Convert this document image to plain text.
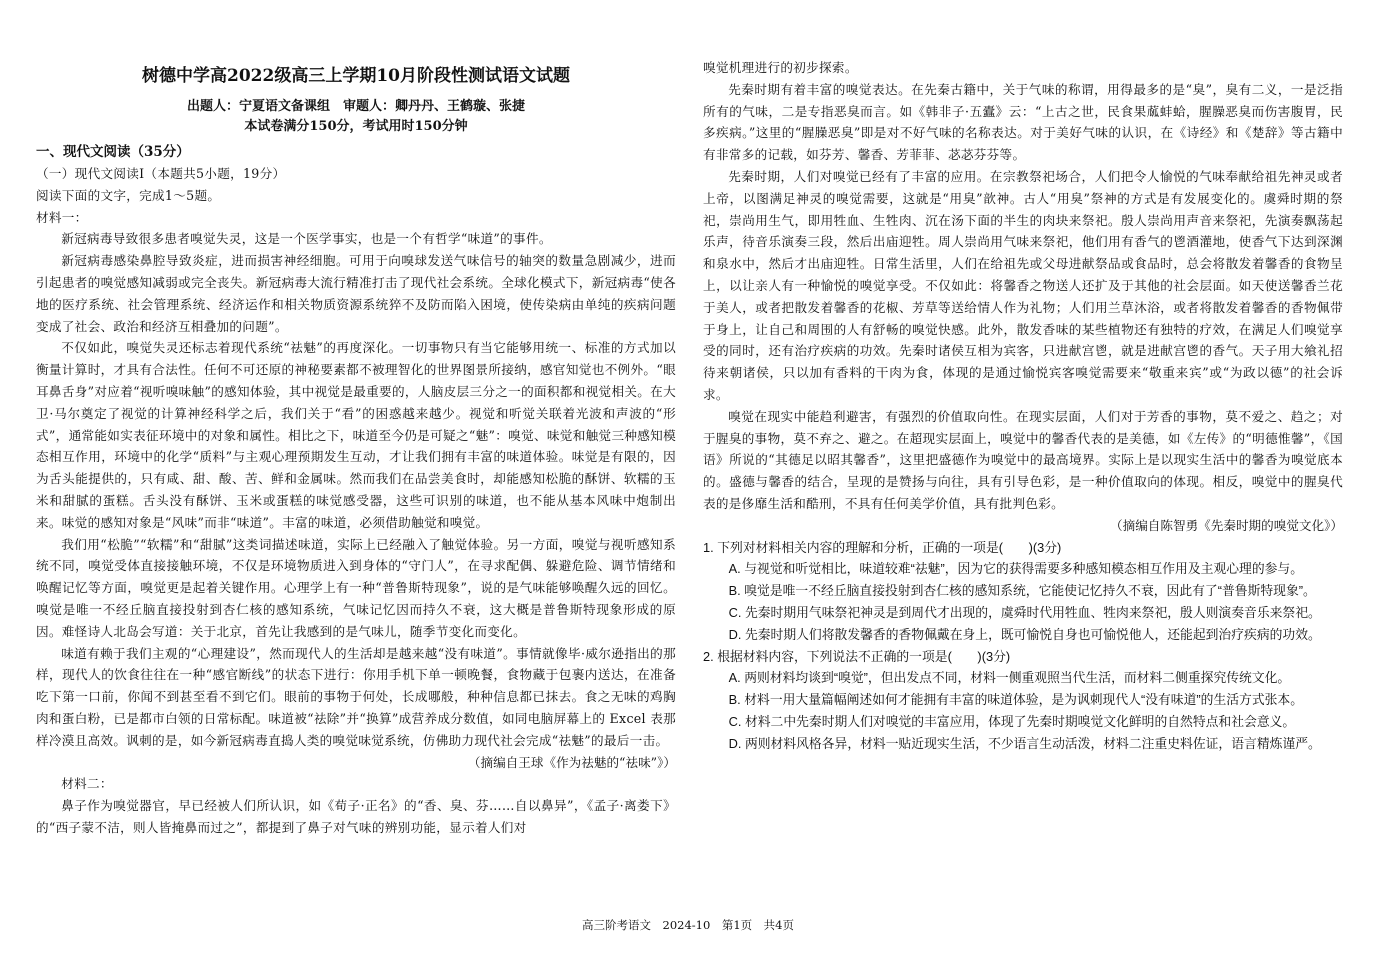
树德中学高2022级高三上学期10月阶段性测试语文试题
出题人：宁夏语文备课组　审题人：卿丹丹、王鹤璇、张捷
本试卷满分150分，考试用时150分钟
一、现代文阅读（35分）

（一）现代文阅读Ⅰ（本题共5小题，19分）

阅读下面的文字，完成1～5题。

材料一：

新冠病毒导致很多患者嗅觉失灵，这是一个医学事实，也是一个有哲学“味道”的事件。

新冠病毒感染鼻腔导致炎症，进而损害神经细胞。可用于向嗅球发送气味信号的轴突的数量急剧减少，进而引起患者的嗅觉感知减弱或完全丧失。新冠病毒大流行精准打击了现代社会系统。全球化模式下，新冠病毒“使各地的医疗系统、社会管理系统、经济运作和相关物质资源系统猝不及防而陷入困境，使传染病由单纯的疾病问题变成了社会、政治和经济互相叠加的问题”。

不仅如此，嗅觉失灵还标志着现代系统“祛魅”的再度深化。一切事物只有当它能够用统一、标准的方式加以衡量计算时，才具有合法性。任何不可还原的神秘要素都不被理智化的世界图景所接纳，感官知觉也不例外。“眼耳鼻舌身”对应着“视听嗅味触”的感知体验，其中视觉是最重要的，人脑皮层三分之一的面积都和视觉相关。在大卫·马尔奠定了视觉的计算神经科学之后，我们关于“看”的困惑越来越少。视觉和听觉关联着光波和声波的“形式”，通常能如实表征环境中的对象和属性。相比之下，味道至今仍是可疑之“魅”：嗅觉、味觉和触觉三种感知模态相互作用，环境中的化学“质料”与主观心理预期发生互动，才让我们拥有丰富的味道体验。味觉是有限的，因为舌头能提供的，只有咸、甜、酸、苦、鲜和金属味。然而我们在品尝美食时，却能感知松脆的酥饼、软糯的玉米和甜腻的蛋糕。舌头没有酥饼、玉米或蛋糕的味觉感受器，这些可识别的味道，也不能从基本风味中炮制出来。味觉的感知对象是“风味”而非“味道”。丰富的味道，必须借助触觉和嗅觉。

我们用“松脆”“软糯”和“甜腻”这类词描述味道，实际上已经融入了触觉体验。另一方面，嗅觉与视听感知系统不同，嗅觉受体直接接触环境，不仅是环境物质进入到身体的“守门人”，在寻求配偶、躲避危险、调节情绪和唤醒记忆等方面，嗅觉更是起着关键作用。心理学上有一种“普鲁斯特现象”，说的是气味能够唤醒久远的回忆。嗅觉是唯一不经丘脑直接投射到杏仁核的感知系统，气味记忆因而持久不衰，这大概是普鲁斯特现象形成的原因。难怪诗人北岛会写道：关于北京，首先让我感到的是气味儿，随季节变化而变化。

味道有赖于我们主观的“心理建设”，然而现代人的生活却是越来越“没有味道”。事情就像毕·威尔逊指出的那样，现代人的饮食往往在一种“感官断线”的状态下进行：你用手机下单一顿晚餐，食物藏于包裹内送达，在准备吃下第一口前，你闻不到甚至看不到它们。眼前的事物于何处，长成哪般，种种信息都已抹去。食之无味的鸡胸肉和蛋白粉，已是都市白领的日常标配。味道被“祛除”并“换算”成营养成分数值，如同电脑屏幕上的 Excel 表那样冷漠且高效。讽刺的是，如今新冠病毒直捣人类的嗅觉味觉系统，仿佛助力现代社会完成“祛魅”的最后一击。

（摘编自王球《作为祛魅的“祛味”》）

材料二：

鼻子作为嗅觉器官，早已经被人们所认识，如《荀子·正名》的“香、臭、芬……自以鼻异”，《孟子·离娄下》的“西子蒙不洁，则人皆掩鼻而过之”，都提到了鼻子对气味的辨别功能，显示着人们对

嗅觉机理进行的初步探索。

先秦时期有着丰富的嗅觉表达。在先秦古籍中，关于气味的称谓，用得最多的是“臭”，臭有二义，一是泛指所有的气味，二是专指恶臭而言。如《韩非子·五蠹》云：“上古之世，民食果蓏蚌蛤，腥臊恶臭而伤害腹胃，民多疾病。”这里的“腥臊恶臭”即是对不好气味的名称表达。对于美好气味的认识，在《诗经》和《楚辞》等古籍中有非常多的记载，如芬芳、馨香、芳菲菲、苾苾芬芬等。

先秦时期，人们对嗅觉已经有了丰富的应用。在宗教祭祀场合，人们把令人愉悦的气味奉献给祖先神灵或者上帝，以图满足神灵的嗅觉需要，这就是“用臭”歆神。古人“用臭”祭神的方式是有发展变化的。虞舜时期的祭祀，崇尚用生气，即用牲血、生牲肉、沉在汤下面的半生的肉块来祭祀。殷人崇尚用声音来祭祀，先演奏飘荡起乐声，待音乐演奏三段，然后出庙迎牲。周人崇尚用气味来祭祀，他们用有香气的鬯酒灌地，使香气下达到深渊和泉水中，然后才出庙迎牲。日常生活里，人们在给祖先或父母进献祭品或食品时，总会将散发着馨香的食物呈上，以让亲人有一种愉悦的嗅觉享受。不仅如此：将馨香之物送人还扩及于其他的社会层面。如天使送馨香兰花于美人，或者把散发着馨香的花椒、芳草等送给情人作为礼物；人们用兰草沐浴，或者将散发着馨香的香物佩带于身上，让自己和周围的人有舒畅的嗅觉快感。此外，散发香味的某些植物还有独特的疗效，在满足人们嗅觉享受的同时，还有治疗疾病的功效。先秦时诸侯互相为宾客，只进献宫鬯，就是进献宫鬯的香气。天子用大飨礼招待来朝诸侯，只以加有香料的干肉为食，体现的是通过愉悦宾客嗅觉需要来“敬重来宾”或“为政以德”的社会诉求。

嗅觉在现实中能趋利避害，有强烈的价值取向性。在现实层面，人们对于芳香的事物，莫不爱之、趋之；对于腥臭的事物，莫不弃之、避之。在超现实层面上，嗅觉中的馨香代表的是美德，如《左传》的“明德惟馨”，《国语》所说的“其德足以昭其馨香”，这里把盛德作为嗅觉中的最高境界。实际上是以现实生活中的馨香为嗅觉底本的。盛德与馨香的结合，呈现的是赞扬与向往，具有引导色彩，是一种价值取向的体现。相反，嗅觉中的腥臭代表的是侈靡生活和酷刑，不具有任何美学价值，具有批判色彩。

（摘编自陈智勇《先秦时期的嗅觉文化》）

1. 下列对材料相关内容的理解和分析，正确的一项是(　　)(3分)

A. 与视觉和听觉相比，味道较难“祛魅”，因为它的获得需要多种感知模态相互作用及主观心理的参与。

B. 嗅觉是唯一不经丘脑直接投射到杏仁核的感知系统，它能使记忆持久不衰，因此有了“普鲁斯特现象”。

C. 先秦时期用气味祭祀神灵是到周代才出现的，虞舜时代用牲血、牲肉来祭祀，殷人则演奏音乐来祭祀。

D. 先秦时期人们将散发馨香的香物佩戴在身上，既可愉悦自身也可愉悦他人，还能起到治疗疾病的功效。

2. 根据材料内容，下列说法不正确的一项是(　　)(3分)

A. 两则材料均谈到“嗅觉”，但出发点不同，材料一侧重观照当代生活，而材料二侧重探究传统文化。

B. 材料一用大量篇幅阐述如何才能拥有丰富的味道体验，是为讽刺现代人“没有味道”的生活方式张本。

C. 材料二中先秦时期人们对嗅觉的丰富应用，体现了先秦时期嗅觉文化鲜明的自然特点和社会意义。

D. 两则材料风格各异，材料一贴近现实生活，不少语言生动活泼，材料二注重史料佐证，语言精炼谨严。

高三阶考语文　2024-10　第1页　共4页
